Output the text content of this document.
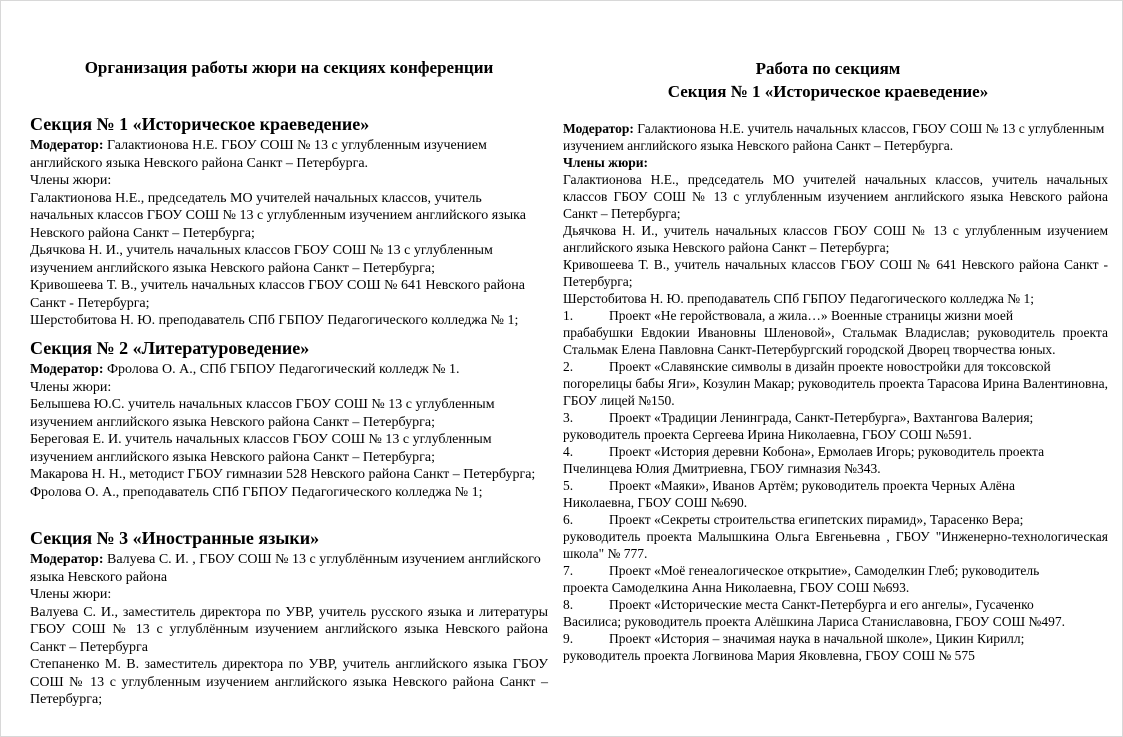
Организация работы жюри на секциях конференции
Секция № 1 «Историческое краеведение»
Модератор: Галактионова Н.Е. ГБОУ СОШ № 13 с углубленным изучением английского языка Невского района Санкт – Петербурга.
Члены жюри:
Галактионова Н.Е., председатель МО учителей начальных классов, учитель начальных классов ГБОУ СОШ № 13 с углубленным изучением английского языка Невского района Санкт – Петербурга;
Дьячкова Н. И., учитель начальных классов ГБОУ СОШ № 13 с углубленным изучением английского языка Невского района Санкт – Петербурга;
Кривошеева Т. В., учитель начальных классов ГБОУ СОШ № 641 Невского района Санкт - Петербурга;
Шерстобитова Н. Ю. преподаватель СПб ГБПОУ Педагогического колледжа № 1;
Секция № 2 «Литературоведение»
Модератор: Фролова О. А., СПб ГБПОУ Педагогический колледж № 1.
Члены жюри:
Белышева Ю.С. учитель начальных классов ГБОУ СОШ № 13 с углубленным изучением английского языка Невского района Санкт – Петербурга;
Береговая Е. И. учитель начальных классов ГБОУ СОШ № 13 с углубленным изучением английского языка Невского района Санкт – Петербурга;
Макарова Н. Н., методист ГБОУ гимназии 528 Невского района Санкт – Петербурга;
Фролова О. А., преподаватель СПб ГБПОУ Педагогического колледжа № 1;
Секция № 3 «Иностранные языки»
Модератор: Валуева С. И. , ГБОУ СОШ № 13 с углублённым изучением английского языка Невского района
Члены жюри:
Валуева С. И., заместитель директора по УВР, учитель русского языка и литературы ГБОУ СОШ № 13 с углублённым изучением английского языка Невского района Санкт – Петербурга
Степаненко М. В. заместитель директора по УВР, учитель английского языка ГБОУ СОШ № 13 с углубленным изучением английского языка Невского района Санкт – Петербурга;
Работа по секциям
Секция № 1 «Историческое краеведение»
Модератор: Галактионова Н.Е. учитель начальных классов, ГБОУ СОШ № 13 с углубленным изучением английского языка Невского района Санкт – Петербурга.
Члены жюри:
Галактионова Н.Е., председатель МО учителей начальных классов, учитель начальных классов ГБОУ СОШ № 13 с углубленным изучением английского языка Невского района Санкт – Петербурга;
Дьячкова Н. И., учитель начальных классов ГБОУ СОШ № 13 с углубленным изучением английского языка Невского района Санкт – Петербурга;
Кривошеева Т. В., учитель начальных классов ГБОУ СОШ № 641 Невского района Санкт - Петербурга;
Шерстобитова Н. Ю. преподаватель СПб ГБПОУ Педагогического колледжа № 1;
1.	Проект «Не геройствовала, а жила…» Военные страницы жизни моей
прабабушки Евдокии Ивановны Шленовой», Стальмак Владислав; руководитель проекта Стальмак Елена Павловна Санкт-Петербургский городской Дворец творчества юных.
2.	Проект «Славянские символы в дизайн проекте новостройки для токсовской
погорелицы бабы Яги», Козулин Макар; руководитель проекта Тарасова Ирина Валентиновна, ГБОУ лицей №150.
3.	Проект «Традиции Ленинграда, Санкт-Петербурга», Вахтангова Валерия;
руководитель проекта Сергеева Ирина Николаевна, ГБОУ СОШ №591.
4.	Проект «История деревни Кобона», Ермолаев Игорь; руководитель проекта
Пчелинцева Юлия Дмитриевна, ГБОУ гимназия №343.
5.	Проект «Маяки», Иванов Артём; руководитель проекта Черных Алёна
Николаевна, ГБОУ СОШ №690.
6.	Проект «Секреты строительства египетских пирамид», Тарасенко Вера;
руководитель проекта Малышкина Ольга Евгеньевна , ГБОУ "Инженерно-технологическая школа" № 777.
7.	Проект «Моё генеалогическое открытие», Самоделкин Глеб; руководитель
проекта Самоделкина Анна Николаевна, ГБОУ СОШ №693.
8.	Проект «Исторические места Санкт-Петербурга и его ангелы», Гусаченко
Василиса; руководитель проекта Алёшкина Лариса Станиславовна, ГБОУ СОШ №497.
9.	Проект «История – значимая наука в начальной школе», Цикин Кирилл;
руководитель проекта Логвинова Мария Яковлевна, ГБОУ СОШ № 575
